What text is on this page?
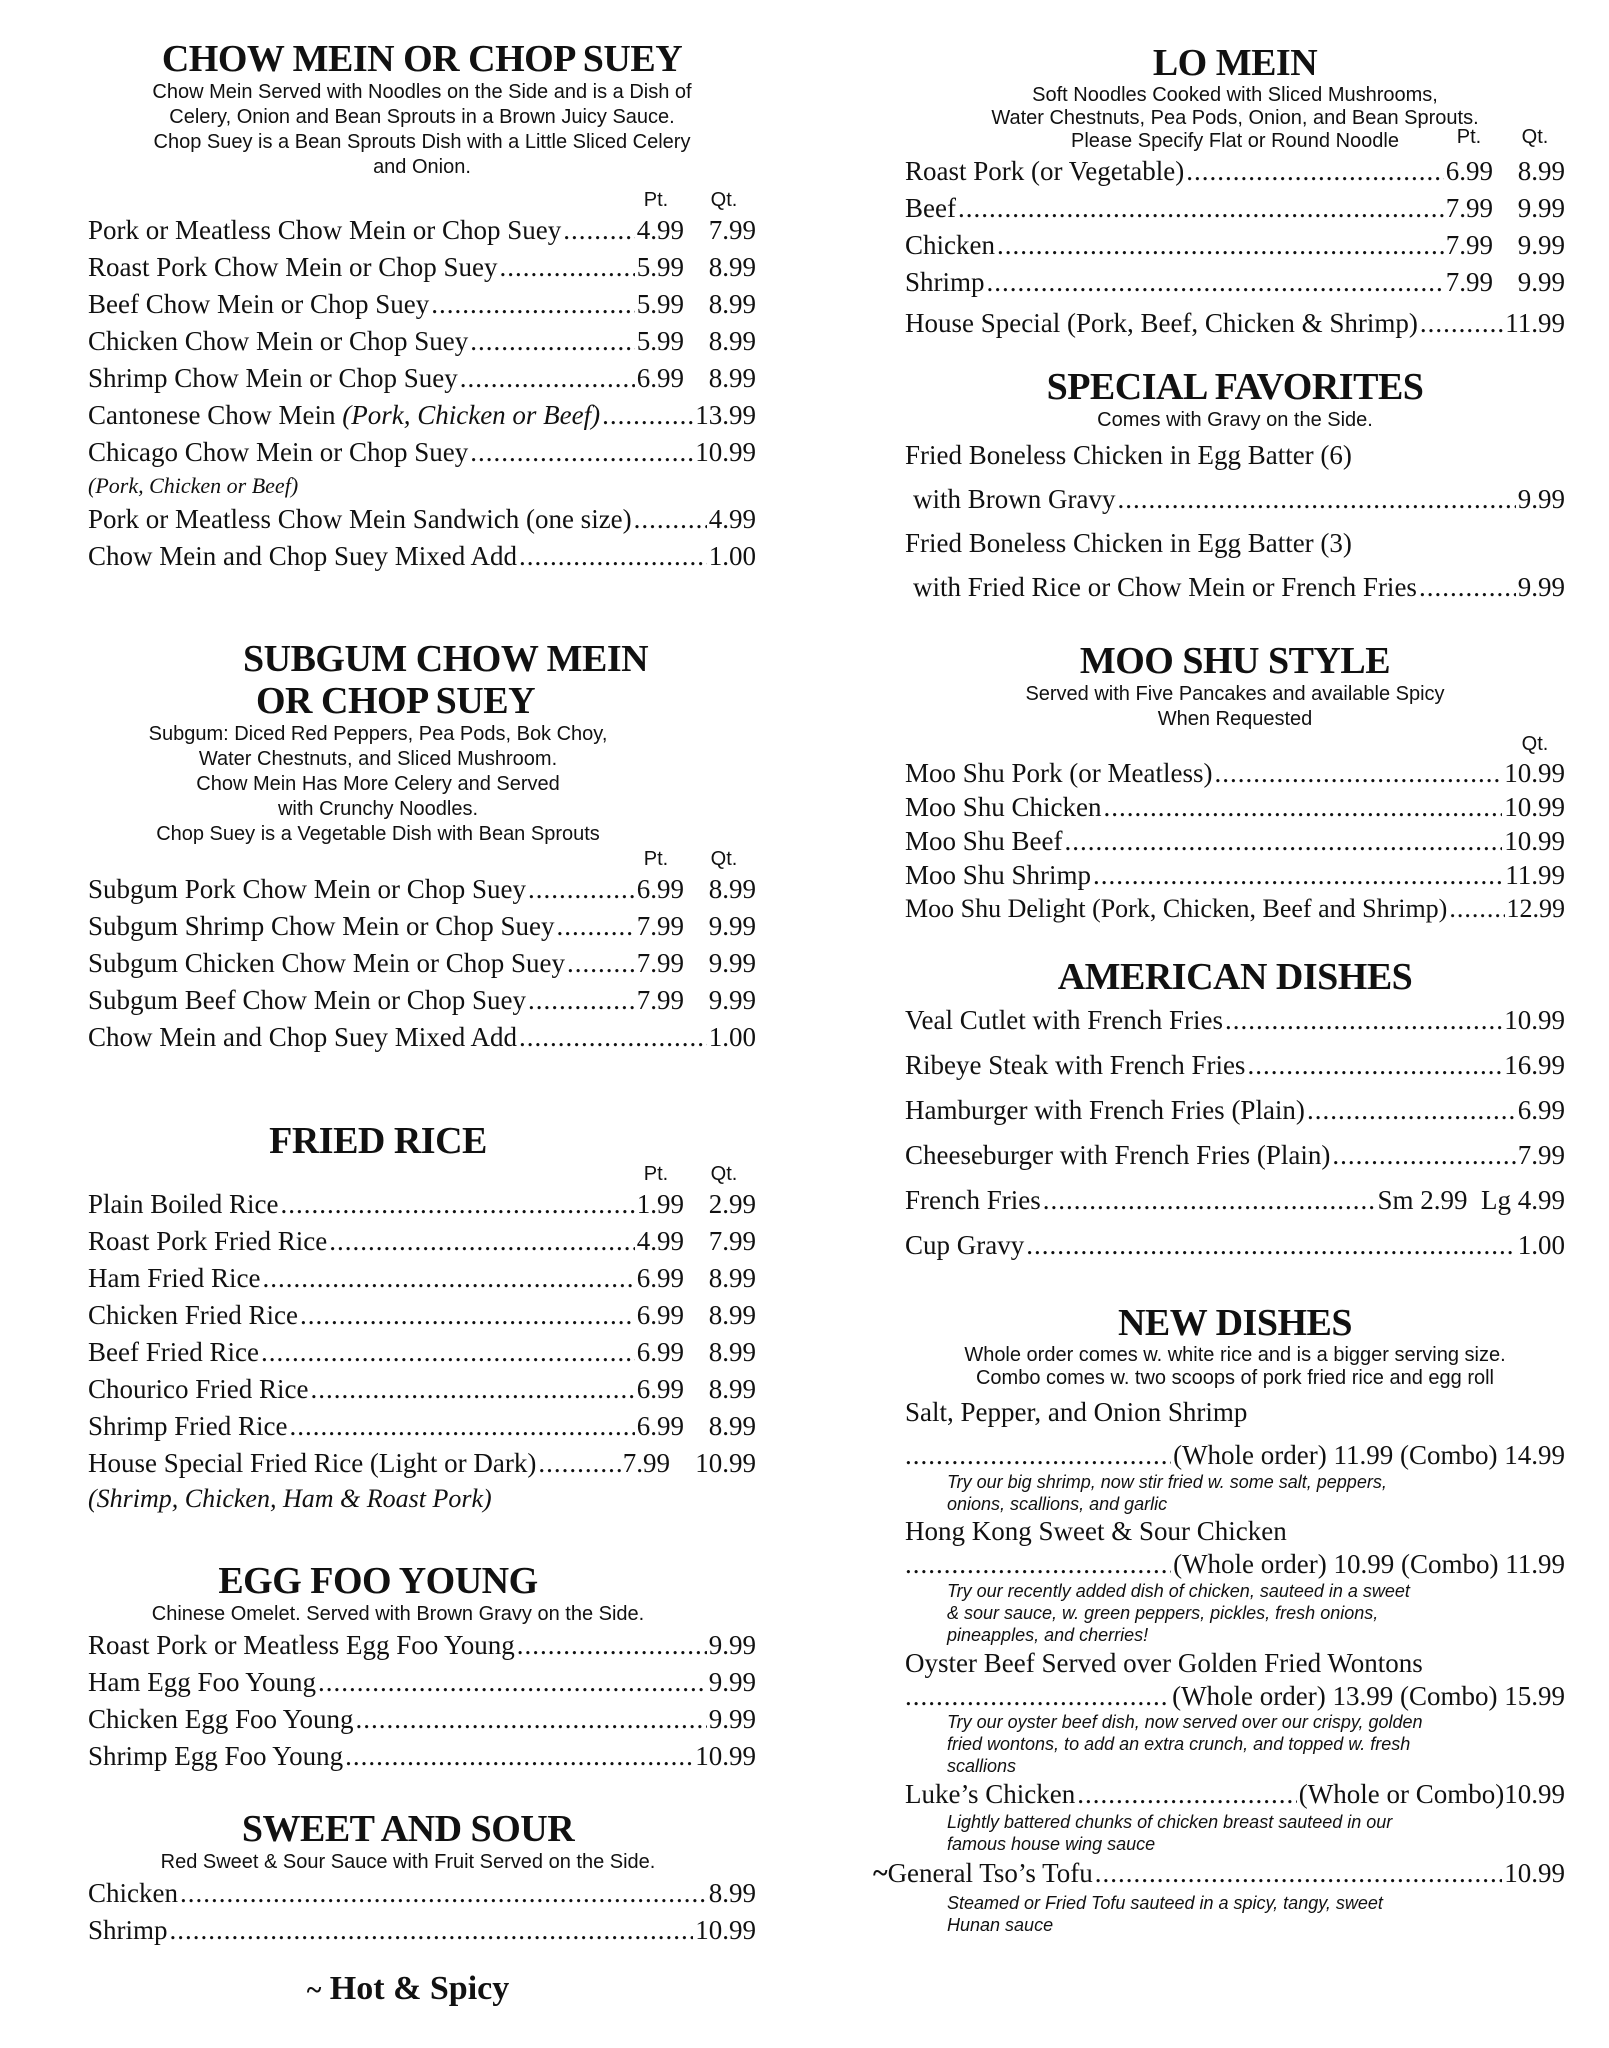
CHOW MEIN OR CHOP SUEY
Chow Mein Served with Noodles on the Side and is a Dish of
Celery, Onion and Bean Sprouts in a Brown Juicy Sauce.
Chop Suey is a Bean Sprouts Dish with a Little Sliced Celery
and Onion.
Pt.	Qt.
Pork or Meatless Chow Mein or Chop Suey .....	4.99 7.99
Roast Pork Chow Mein or Chop Suey .....	5.99 8.99
Beef Chow Mein or Chop Suey .....	5.99 8.99
Chicken Chow Mein or Chop Suey .....	5.99 8.99
Shrimp Chow Mein or Chop Suey .....	6.99 8.99
Cantonese Chow Mein (Pork, Chicken or Beef) .....	13.99
Chicago Chow Mein or Chop Suey .....	10.99
(Pork, Chicken or Beef)
Pork or Meatless Chow Mein Sandwich (one size) .....	4.99
Chow Mein and Chop Suey Mixed Add .....	1.00
SUBGUM CHOW MEIN
OR CHOP SUEY
Subgum: Diced Red Peppers, Pea Pods, Bok Choy,
Water Chestnuts, and Sliced Mushroom.
Chow Mein Has More Celery and Served
with Crunchy Noodles.
Chop Suey is a Vegetable Dish with Bean Sprouts
Pt.	Qt.
Subgum Pork Chow Mein or Chop Suey .....	6.99 8.99
Subgum Shrimp Chow Mein or Chop Suey .....	7.99 9.99
Subgum Chicken Chow Mein or Chop Suey .....	7.99 9.99
Subgum Beef Chow Mein or Chop Suey .....	7.99 9.99
Chow Mein and Chop Suey Mixed Add .....	1.00
FRIED RICE
Pt.	Qt.
Plain Boiled Rice .....	1.99 2.99
Roast Pork Fried Rice .....	4.99 7.99
Ham Fried Rice .....	6.99 8.99
Chicken Fried Rice .....	6.99 8.99
Beef Fried Rice .....	6.99 8.99
Chourico Fried Rice .....	6.99 8.99
Shrimp Fried Rice .....	6.99 8.99
House Special Fried Rice (Light or Dark) .....	7.99 10.99
(Shrimp, Chicken, Ham & Roast Pork)
EGG FOO YOUNG
Chinese Omelet. Served with Brown Gravy on the Side.
Roast Pork or Meatless Egg Foo Young .....	9.99
Ham Egg Foo Young .....	9.99
Chicken Egg Foo Young .....	9.99
Shrimp Egg Foo Young .....	10.99
SWEET AND SOUR
Red Sweet & Sour Sauce with Fruit Served on the Side.
Chicken .....	8.99
Shrimp .....	10.99
~ Hot & Spicy
LO MEIN
Soft Noodles Cooked with Sliced Mushrooms,
Water Chestnuts, Pea Pods, Onion, and Bean Sprouts.
Please Specify Flat or Round Noodle	Pt. Qt.
Roast Pork (or Vegetable) .....	6.99 8.99
Beef .....	7.99 9.99
Chicken .....	7.99 9.99
Shrimp .....	7.99 9.99
House Special (Pork, Beef, Chicken & Shrimp) .....	11.99
SPECIAL FAVORITES
Comes with Gravy on the Side.
Fried Boneless Chicken in Egg Batter (6)
with Brown Gravy .....	9.99
Fried Boneless Chicken in Egg Batter (3)
with Fried Rice or Chow Mein or French Fries .....	9.99
MOO SHU STYLE
Served with Five Pancakes and available Spicy
When Requested
Qt.
Moo Shu Pork (or Meatless) .....	10.99
Moo Shu Chicken .....	10.99
Moo Shu Beef .....	10.99
Moo Shu Shrimp .....	11.99
Moo Shu Delight (Pork, Chicken, Beef and Shrimp) ..... 12.99
AMERICAN DISHES
Veal Cutlet with French Fries .....	10.99
Ribeye Steak with French Fries .....	16.99
Hamburger with French Fries (Plain) .....	6.99
Cheeseburger with French Fries (Plain) .....	7.99
French Fries .....	Sm 2.99  Lg 4.99
Cup Gravy .....	1.00
NEW DISHES
Whole order comes w. white rice and is a bigger serving size.
Combo comes w. two scoops of pork fried rice and egg roll
Salt, Pepper, and Onion Shrimp
.....
(Whole order) 11.99 (Combo) 14.99
Try our big shrimp, now stir fried w. some salt, peppers,
onions, scallions, and garlic
Hong Kong Sweet & Sour Chicken
.....
(Whole order) 10.99 (Combo) 11.99
Try our recently added dish of chicken, sauteed in a sweet
& sour sauce, w. green peppers, pickles, fresh onions,
pineapples, and cherries!
Oyster Beef Served over Golden Fried Wontons
.....
(Whole order) 13.99 (Combo) 15.99
Try our oyster beef dish, now served over our crispy, golden
fried wontons, to add an extra crunch, and topped w. fresh
scallions
Luke’s Chicken .....	(Whole or Combo)10.99
Lightly battered chunks of chicken breast sauteed in our
famous house wing sauce
~ General Tso’s Tofu .....	10.99
Steamed or Fried Tofu sauteed in a spicy, tangy, sweet
Hunan sauce
